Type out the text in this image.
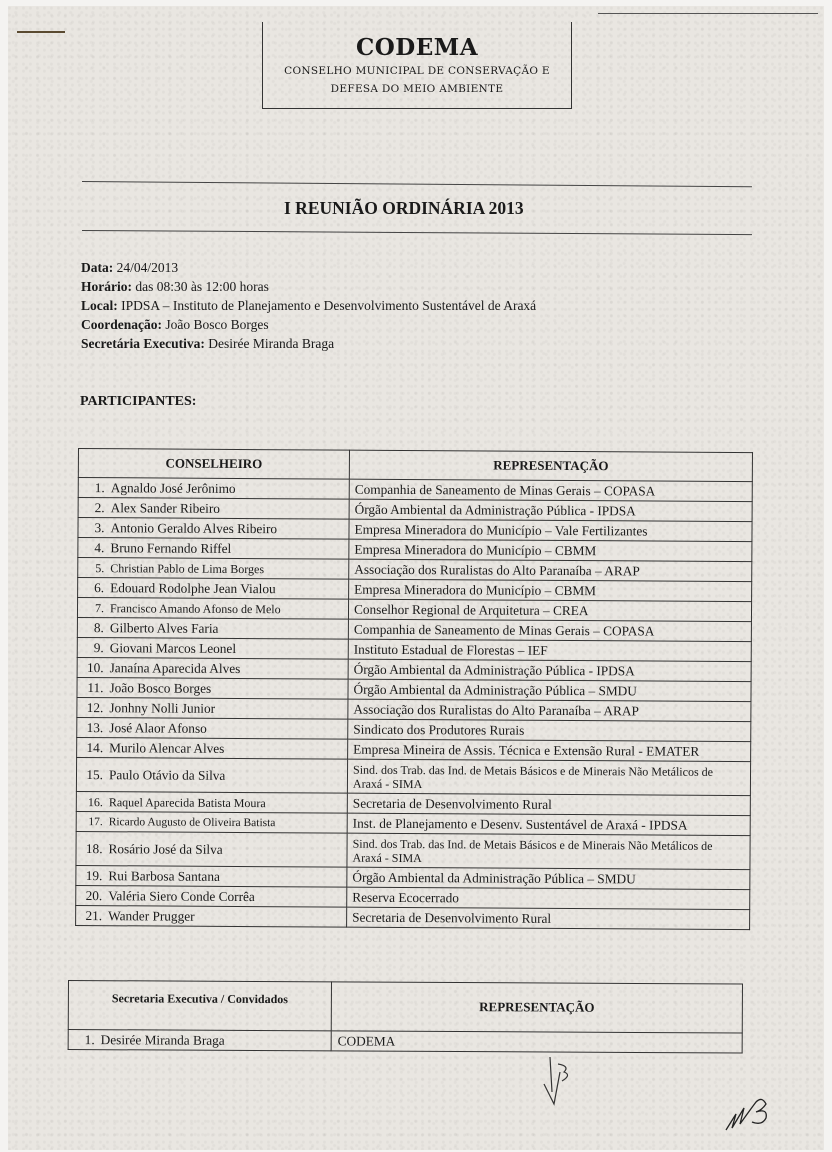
CODEMA
CONSELHO MUNICIPAL DE CONSERVAÇÃO E
DEFESA DO MEIO AMBIENTE
I REUNIÃO ORDINÁRIA 2013
Data: 24/04/2013
Horário: das 08:30 às 12:00 horas
Local: IPDSA – Instituto de Planejamento e Desenvolvimento Sustentável de Araxá
Coordenação: João Bosco Borges
Secretária Executiva: Desirée Miranda Braga
PARTICIPANTES:
CONSELHEIRO	REPRESENTAÇÃO
1. Agnaldo José Jerônimo	Companhia de Saneamento de Minas Gerais – COPASA
2. Alex Sander Ribeiro	Órgão Ambiental da Administração Pública - IPDSA
3. Antonio Geraldo Alves Ribeiro	Empresa Mineradora do Município – Vale Fertilizantes
4. Bruno Fernando Riffel	Empresa Mineradora do Município – CBMM
5. Christian Pablo de Lima Borges	Associação dos Ruralistas do Alto Paranaíba – ARAP
6. Edouard Rodolphe Jean Vialou	Empresa Mineradora do Município – CBMM
7. Francisco Amando Afonso de Melo	Conselhor Regional de Arquitetura – CREA
8. Gilberto Alves Faria	Companhia de Saneamento de Minas Gerais – COPASA
9. Giovani Marcos Leonel	Instituto Estadual de Florestas – IEF
10. Janaína Aparecida Alves	Órgão Ambiental da Administração Pública - IPDSA
11. João Bosco Borges	Órgão Ambiental da Administração Pública – SMDU
12. Jonhny Nolli Junior	Associação dos Ruralistas do Alto Paranaíba – ARAP
13. José Alaor Afonso	Sindicato dos Produtores Rurais
14. Murilo Alencar Alves	Empresa Mineira de Assis. Técnica e Extensão Rural - EMATER
15. Paulo Otávio da Silva	Sind. dos Trab. das Ind. de Metais Básicos e de Minerais Não Metálicos de Araxá - SIMA
16. Raquel Aparecida Batista Moura	Secretaria de Desenvolvimento Rural
17. Ricardo Augusto de Oliveira Batista	Inst. de Planejamento e Desenv. Sustentável de Araxá - IPDSA
18. Rosário José da Silva	Sind. dos Trab. das Ind. de Metais Básicos e de Minerais Não Metálicos de Araxá - SIMA
19. Rui Barbosa Santana	Órgão Ambiental da Administração Pública – SMDU
20. Valéria Siero Conde Corrêa	Reserva Ecocerrado
21. Wander Prugger	Secretaria de Desenvolvimento Rural
Secretaria Executiva / Convidados	REPRESENTAÇÃO
1. Desirée Miranda Braga	CODEMA
